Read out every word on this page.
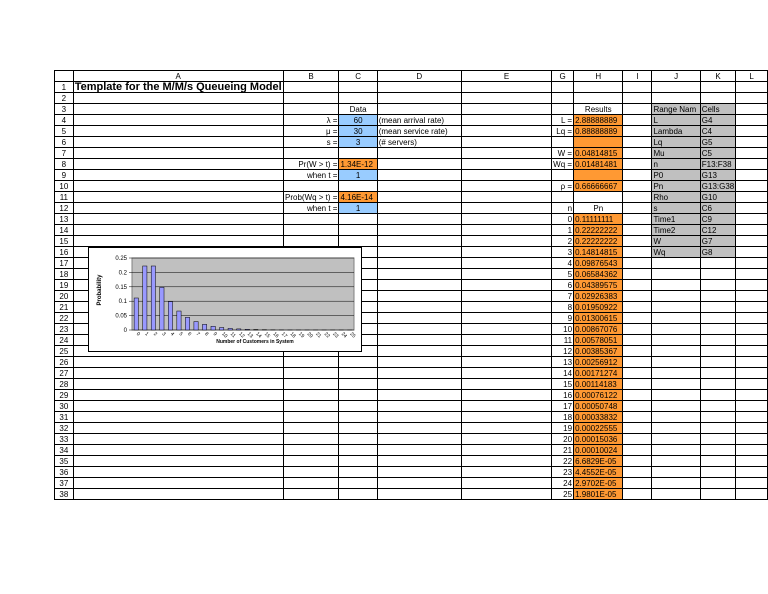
	A	B	C	D	E	G	H	I	J	K	L
1	Template for the M/M/s Queueing Model										
2											
3			Data				Results		Range Nam	Cells	
4		λ =	60	(mean arrival rate)		L =	2.88888889		L	G4	
5		μ =	30	(mean service rate)		Lq =	0.88888889		Lambda	C4	
6		s =	3	(# servers)					Lq	G5	
7						W =	0.04814815		Mu	C5	
8		Pr(W > t) =	1.34E-12			Wq =	0.01481481		n	F13:F38	
9		when t =	1						P0	G13	
10						ρ =	0.66666667		Pn	G13:G38	
11		Prob(Wq > t) =	4.16E-14						Rho	G10	
12		when t =	1			n	Pn		s	C6	
13						0	0.11111111		Time1	C9	
14						1	0.22222222		Time2	C12	
15						2	0.22222222		W	G7	
16						3	0.14814815		Wq	G8	
17						4	0.09876543				
18						5	0.06584362				
19						6	0.04389575				
20						7	0.02926383				
21						8	0.01950922				
22						9	0.01300615				
23						10	0.00867076				
24						11	0.00578051				
25						12	0.00385367				
26						13	0.00256912				
27						14	0.00171274				
28						15	0.00114183				
29						16	0.00076122				
30						17	0.00050748				
31						18	0.00033832				
32						19	0.00022555				
33						20	0.00015036				
34						21	0.00010024				
35						22	6.6829E-05				
36						23	4.4552E-05				
37						24	2.9702E-05				
38						25	1.9801E-05				
Probability
Number of Customers in System
0
0.05
0.1
0.15
0.2
0.25
0 1 2 3 4 5 6 7 8 9 10 11 12 13 14 15 16 17 18 19 20 21 22 23 24 25
